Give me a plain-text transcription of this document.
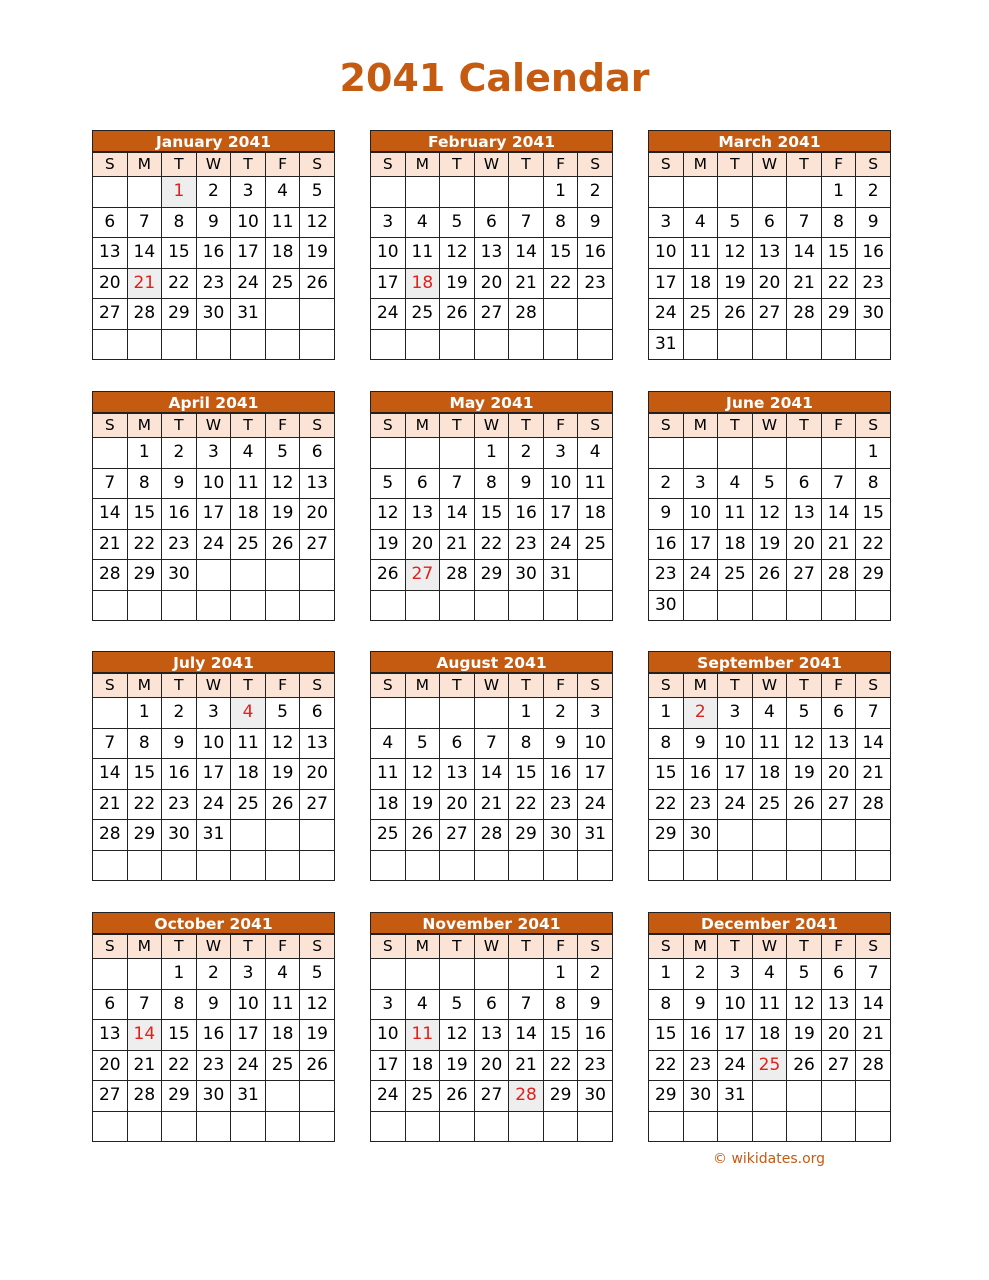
2041 Calendar
January 2041
S	M	T	W	T	F	S
		1	2	3	4	5
6	7	8	9	10	11	12
13	14	15	16	17	18	19
20	21	22	23	24	25	26
27	28	29	30	31		

February 2041
S	M	T	W	T	F	S
					1	2
3	4	5	6	7	8	9
10	11	12	13	14	15	16
17	18	19	20	21	22	23
24	25	26	27	28		

March 2041
S	M	T	W	T	F	S
					1	2
3	4	5	6	7	8	9
10	11	12	13	14	15	16
17	18	19	20	21	22	23
24	25	26	27	28	29	30
31						
April 2041
S	M	T	W	T	F	S
	1	2	3	4	5	6
7	8	9	10	11	12	13
14	15	16	17	18	19	20
21	22	23	24	25	26	27
28	29	30				

May 2041
S	M	T	W	T	F	S
			1	2	3	4
5	6	7	8	9	10	11
12	13	14	15	16	17	18
19	20	21	22	23	24	25
26	27	28	29	30	31	

June 2041
S	M	T	W	T	F	S
						1
2	3	4	5	6	7	8
9	10	11	12	13	14	15
16	17	18	19	20	21	22
23	24	25	26	27	28	29
30						
July 2041
S	M	T	W	T	F	S
	1	2	3	4	5	6
7	8	9	10	11	12	13
14	15	16	17	18	19	20
21	22	23	24	25	26	27
28	29	30	31			

August 2041
S	M	T	W	T	F	S
				1	2	3
4	5	6	7	8	9	10
11	12	13	14	15	16	17
18	19	20	21	22	23	24
25	26	27	28	29	30	31

September 2041
S	M	T	W	T	F	S
1	2	3	4	5	6	7
8	9	10	11	12	13	14
15	16	17	18	19	20	21
22	23	24	25	26	27	28
29	30					

October 2041
S	M	T	W	T	F	S
		1	2	3	4	5
6	7	8	9	10	11	12
13	14	15	16	17	18	19
20	21	22	23	24	25	26
27	28	29	30	31		

November 2041
S	M	T	W	T	F	S
					1	2
3	4	5	6	7	8	9
10	11	12	13	14	15	16
17	18	19	20	21	22	23
24	25	26	27	28	29	30

December 2041
S	M	T	W	T	F	S
1	2	3	4	5	6	7
8	9	10	11	12	13	14
15	16	17	18	19	20	21
22	23	24	25	26	27	28
29	30	31				

© wikidates.org
